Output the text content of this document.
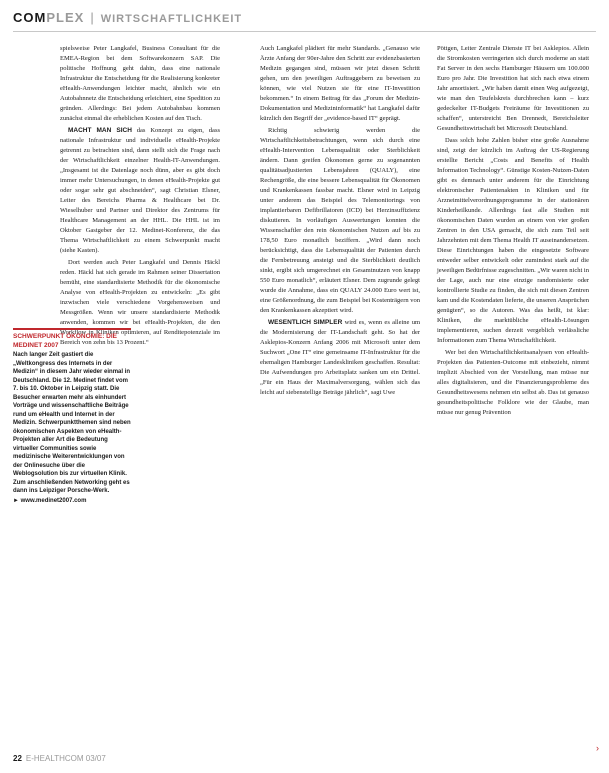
COMPLEX | WIRTSCHAFTLICHKEIT

spielsweise Peter Langkafel, Business Consultant für die EMEA-Region bei dem Softwarekonzern SAP. Die politische Hoffnung geht dahin, dass eine nationale Infrastruktur die Entscheidung für die Realisierung konkreter eHealth-Anwendungen leichter macht, ähnlich wie ein Autobahnnetz die Entscheidung erleichtert, eine Spedition zu gründen. Allerdings: Bei jedem Autobahnbau kommen zunächst einmal die erheblichen Kosten auf den Tisch.

MACHT MAN SICH das Konzept zu eigen, dass nationale Infrastruktur und individuelle eHealth-Projekte getrennt zu betrachten sind, dann stellt sich die Frage nach der Wirtschaftlichkeit einzelner Health-IT-Anwendungen. „Insgesamt ist die Datenlage noch dünn, aber es gibt doch immer mehr Untersuchungen, in denen eHealth-Projekte gut oder sogar sehr gut abschneiden“, sagt Christian Elsner, Leiter des Bereichs Pharma & Healthcare bei Dr. Wieselhuber und Partner und Direktor des Zentrums für Healthcare Management an der HHL. Die HHL ist im Oktober Gastgeber der 12. Medinet-Konferenz, die das Thema Wirtschaftlichkeit zu einem Schwerpunkt macht (siehe Kasten).

Dort werden auch Peter Langkafel und Dennis Häckl reden. Häckl hat sich gerade im Rahmen seiner Dissertation bemüht, eine standardisierte Methodik für die ökonomische Analyse von eHealth-Projekten zu entwickeln: „Es gibt inzwischen viele verschiedene Vorgehensweisen und Messgrößen. Wenn wir unsere standardisierte Methodik anwenden, kommen wir bei eHealth-Projekten, die den Workflow in Kliniken optimieren, auf Renditepotenziale im Bereich von zehn bis 13 Prozent.“

SCHWERPUNKT ÖKONOMIE: DIE MEDINET 2007
Nach langer Zeit gastiert die „Weltkongress des Internets in der Medizin“ in diesem Jahr wieder einmal in Deutschland. Die 12. Medinet findet vom 7. bis 10. Oktober in Leipzig statt. Die Besucher erwarten mehr als einhundert Vorträge und wissenschaftliche Beiträge rund um eHealth und Internet in der Medizin. Schwerpunktthemen sind neben ökonomischen Aspekten von eHealth-Projekten aller Art die Bedeutung virtueller Communities sowie medizinische Weiterentwicklungen von der Onlinesuche über die Weblogsolution bis zur virtuellen Klinik. Zum anschließenden Networking geht es dann ins Leipziger Porsche-Werk.
► www.medinet2007.com

Auch Langkafel plädiert für mehr Standards. „Genauso wie Ärzte Anfang der 90er-Jahre den Schritt zur evidenzbasierten Medizin gegangen sind, müssen wir jetzt diesen Schritt gehen, um den jeweiligen Auftraggebern zu beweisen zu können, wie viel Nutzen sie für eine IT-Investition bekommen.“ In einem Beitrag für das „Forum der Medizin-Dokumentation und Medizininformatik“ hat Langkafel dafür kürzlich den Begriff der „evidence-based IT“ geprägt.

Richtig schwierig werden die Wirtschaftlichkeitsbetrachtungen, wenn sich durch eine eHealth-Intervention Lebensqualität oder Sterblichkeit ändern. Dann greifen Ökonomen gerne zu sogenannten qualitätsadjustierten Lebensjahren (QUALY), eine Rechengröße, die eine bessere Lebensqualität für Ökonomen und Krankenkassen fassbar macht. Elsner wird in Leipzig unter anderem das Beispiel des Telemonitorings von implantierbaren Defibrillatoren (ICD) bei Herzinsuffizienz diskutieren. In vorläufigen Auswertungen konnten die Wissenschaftler den rein ökonomischen Nutzen auf bis zu 178,50 Euro monatlich beziffern. „Wird dann noch berücksichtigt, dass die Lebensqualität der Patienten durch die Fernbetreuung ansteigt und die Sterblichkeit deutlich sinkt, ergibt sich umgerechnet ein Gesamtnutzen von knapp 550 Euro monatlich“, erläutert Elsner. Dem zugrunde gelegt wurde die Annahme, dass ein QUALY 24.000 Euro wert ist, eine Größenordnung, die zum Beispiel bei Kostenträgern von den Krankenkassen akzeptiert wird.

WESENTLICH SIMPLER wird es, wenn es alleine um die Modernisierung der IT-Landschaft geht. So hat der Asklepios-Konzern Anfang 2006 mit Microsoft unter dem Suchwort „One IT“ eine gemeinsame IT-Infrastruktur für die ehemaligen Hamburger Landeskliniken geschaffen. Resultat: Die Aufwendungen pro Arbeitsplatz sanken um ein Drittel. „Für ein Haus der Maximalversorgung, wählen sich das leicht auf siebenstellige Beträge jährlich“, sagt Uwe

Pöttgen, Leiter Zentrale Dienste IT bei Asklepios. Allein die Stromkosten verringerten sich durch moderne an statt Fat Server in den sechs Hamburger Häusern um 100.000 Euro pro Jahr. Die Investition hat sich nach etwa einem Jahr amortisiert. „Wir haben damit einen Weg aufgezeigt, wie man den Teufelskreis durchbrechen kann – kurz gedeckelter IT-Budgets Freiräume für Investitionen zu schaffen“, unterstreicht Ben Drennedt, Bereichsleiter Gesundheitswirtschaft bei Microsoft Deutschland.

Dass solch hohe Zahlen bisher eine große Ausnahme sind, zeigt der kürzlich im Auftrag der US-Regierung erstellte Bericht „Costs and Benefits of Health Information Technology“. Günstige Kosten-Nutzen-Daten gibt es demnach unter anderem für die Einrichtung elektronischer Patientenakten in Kliniken und für Arzneimittelverordnungsprogramme in der stationären Kinderheilkunde. Allerdings fast alle Studien mit ökonomischen Daten wurden an einem von vier großen Zentren in den USA gemacht, die sich zum Teil seit Jahrzehnten mit dem Thema Health IT auseinandersetzen. Diese Einrichtungen haben die eingesetzte Software entweder selber entwickelt oder zumindest stark auf die jeweiligen Bedürfnisse zugeschnitten. „Wir waren nicht in der Lage, auch nur eine einzige randomisierte oder kontrollierte Studie zu finden, die sich mit diesen Zentren kam und die Kostendaten lieferte, die unseren Ansprüchen genügten“, so die Autoren. Was das heißt, ist klar: Kliniken, die marktübliche eHealth-Lösungen implementieren, suchen derzeit vergeblich verlässliche Informationen zum Thema Wirtschaftlichkeit.

Wer bei den Wirtschaftlichkeitsanalysen von eHealth-Projekten das Patienten-Outcome mit einbezieht, nimmt implizit Abschied von der Vorstellung, man müsse nur alles digitalisieren, und die Finanzierungsprobleme des Gesundheitswesens nehmen ein selbst ab. Das ist genauso gesundheitspolitische Folklore wie der Glaube, man müsse nur genug Prävention

22 E-HEALTHCOM 03/07
›
